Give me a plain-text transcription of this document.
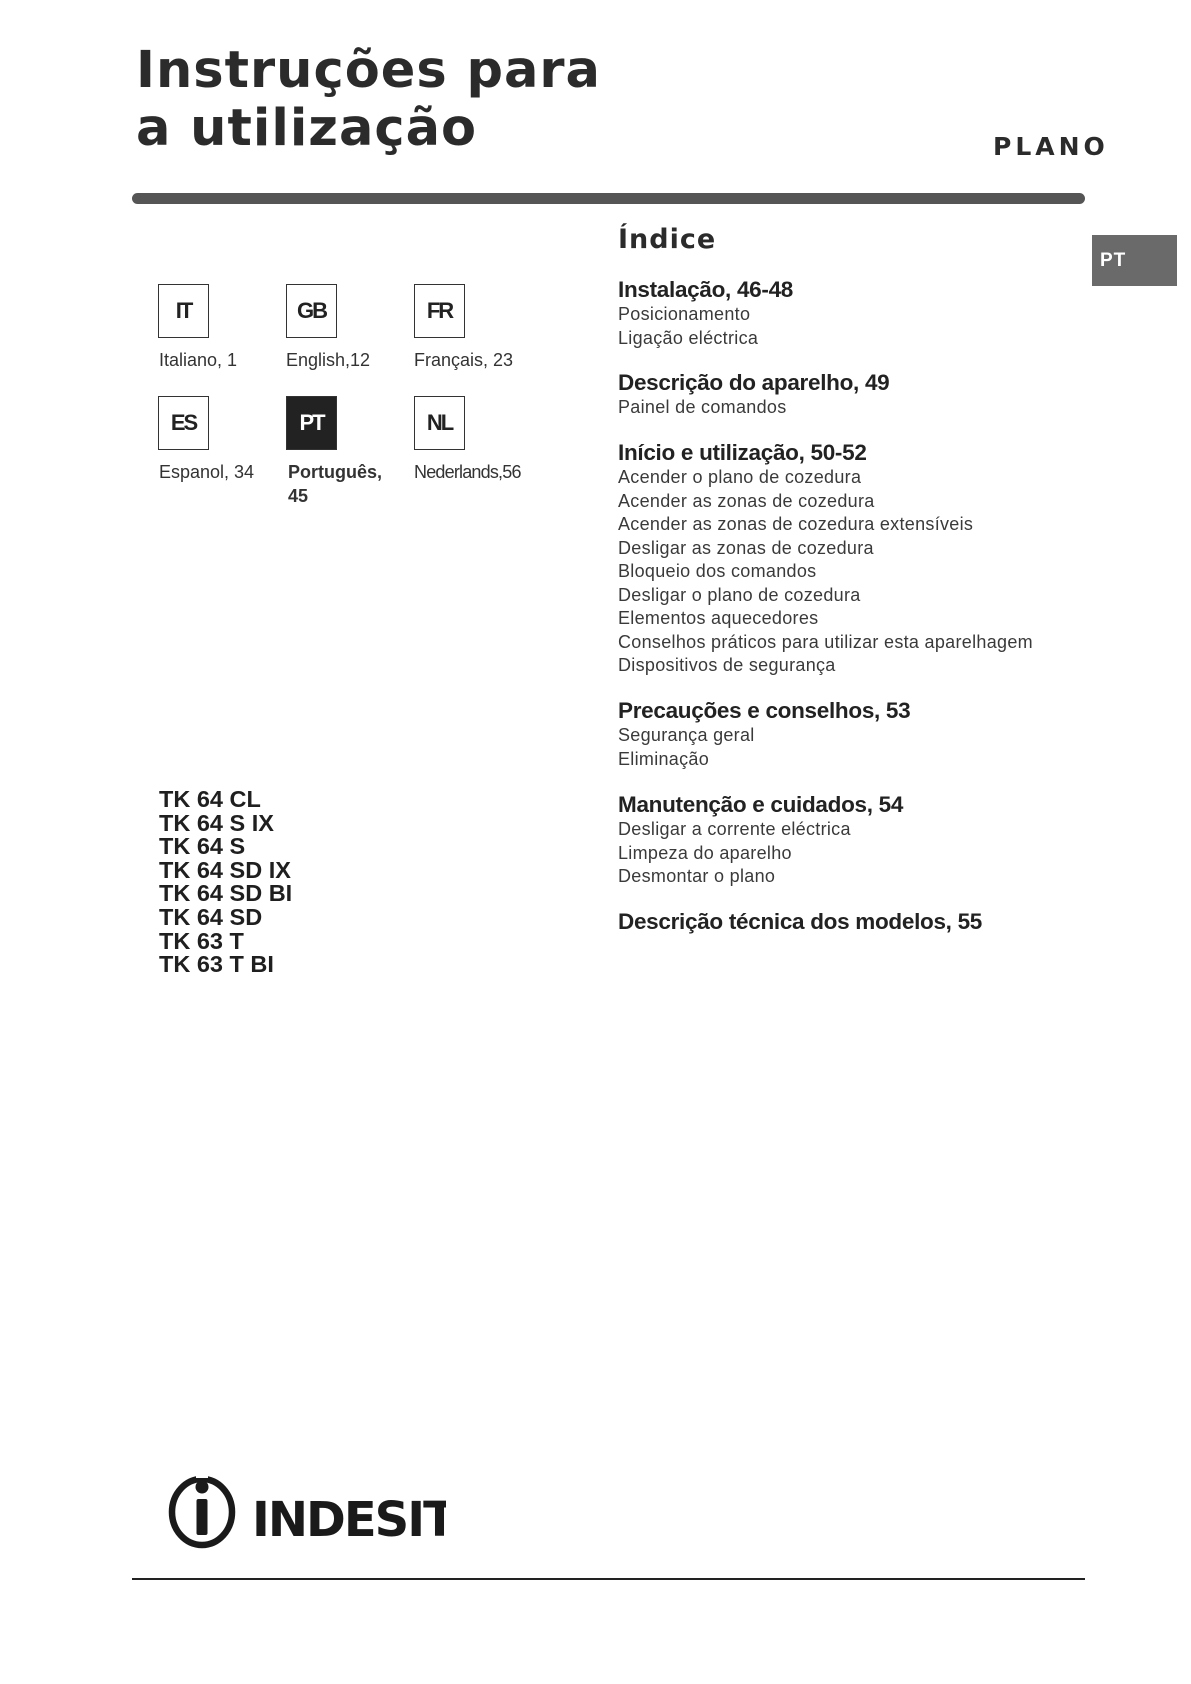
Instruções para
a utilização	PLANO
PT
IT
Italiano, 1
GB
English,12
FR
Français, 23
ES
Espanol, 34
PT
Português,
45
NL
Nederlands,56
TK 64 CL
TK 64 S IX
TK 64 S
TK 64 SD IX
TK 64 SD BI
TK 64 SD
TK 63 T
TK 63 T BI
Índice
Instalação, 46-48
Posicionamento
Ligação eléctrica
Descrição do aparelho, 49
Painel de comandos
Início e utilização, 50-52
Acender o plano de cozedura
Acender as zonas de cozedura
Acender as zonas de cozedura extensíveis
Desligar as zonas de cozedura
Bloqueio dos comandos
Desligar o plano de cozedura
Elementos aquecedores
Conselhos práticos para utilizar esta aparelhagem
Dispositivos de segurança
Precauções e conselhos, 53
Segurança geral
Eliminação
Manutenção e cuidados, 54
Desligar a corrente eléctrica
Limpeza do aparelho
Desmontar o plano
Descrição técnica dos modelos, 55
INDESIT
